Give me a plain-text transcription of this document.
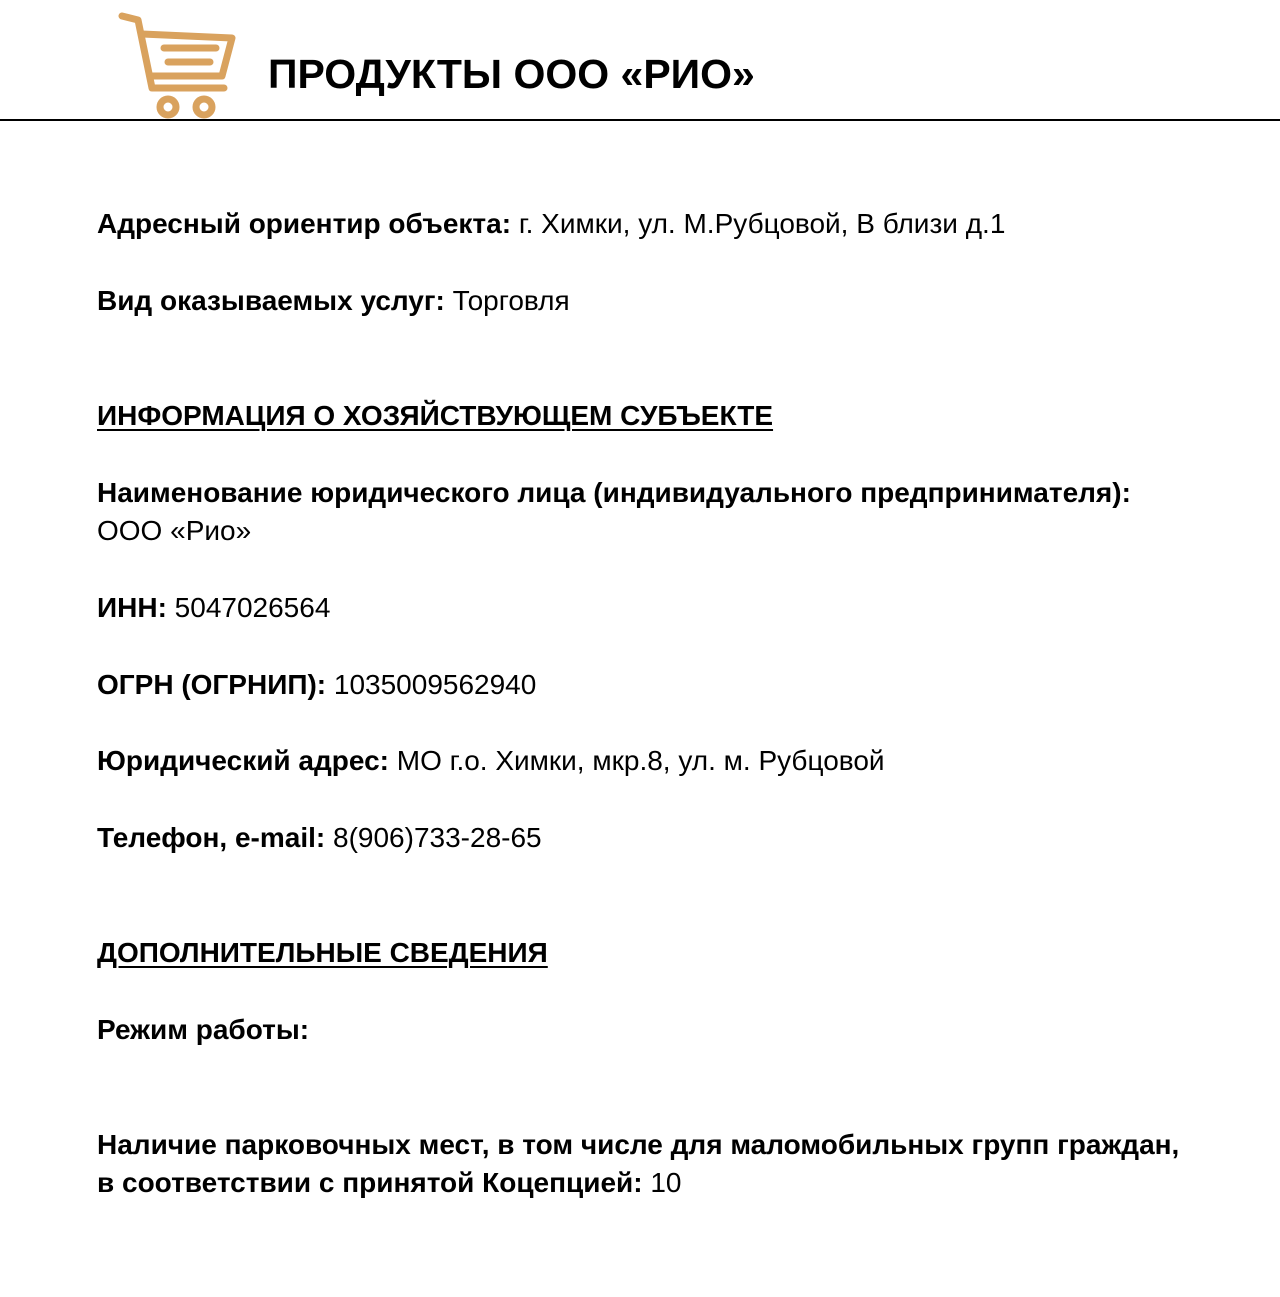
ПРОДУКТЫ ООО «РИО»
Адресный ориентир объекта: г. Химки, ул. М.Рубцовой, В близи д.1
Вид оказываемых услуг: Торговля
ИНФОРМАЦИЯ О ХОЗЯЙСТВУЮЩЕМ СУБЪЕКТЕ
Наименование юридического лица (индивидуального предпринимателя):
ООО «Рио»
ИНН: 5047026564
ОГРН (ОГРНИП): 1035009562940
Юридический адрес: МО г.о. Химки, мкр.8, ул. м. Рубцовой
Телефон, e-mail: 8(906)733-28-65
ДОПОЛНИТЕЛЬНЫЕ СВЕДЕНИЯ
Режим работы:
Наличие парковочных мест, в том числе для маломобильных групп граждан,
в соответствии с принятой Коцепцией: 10
